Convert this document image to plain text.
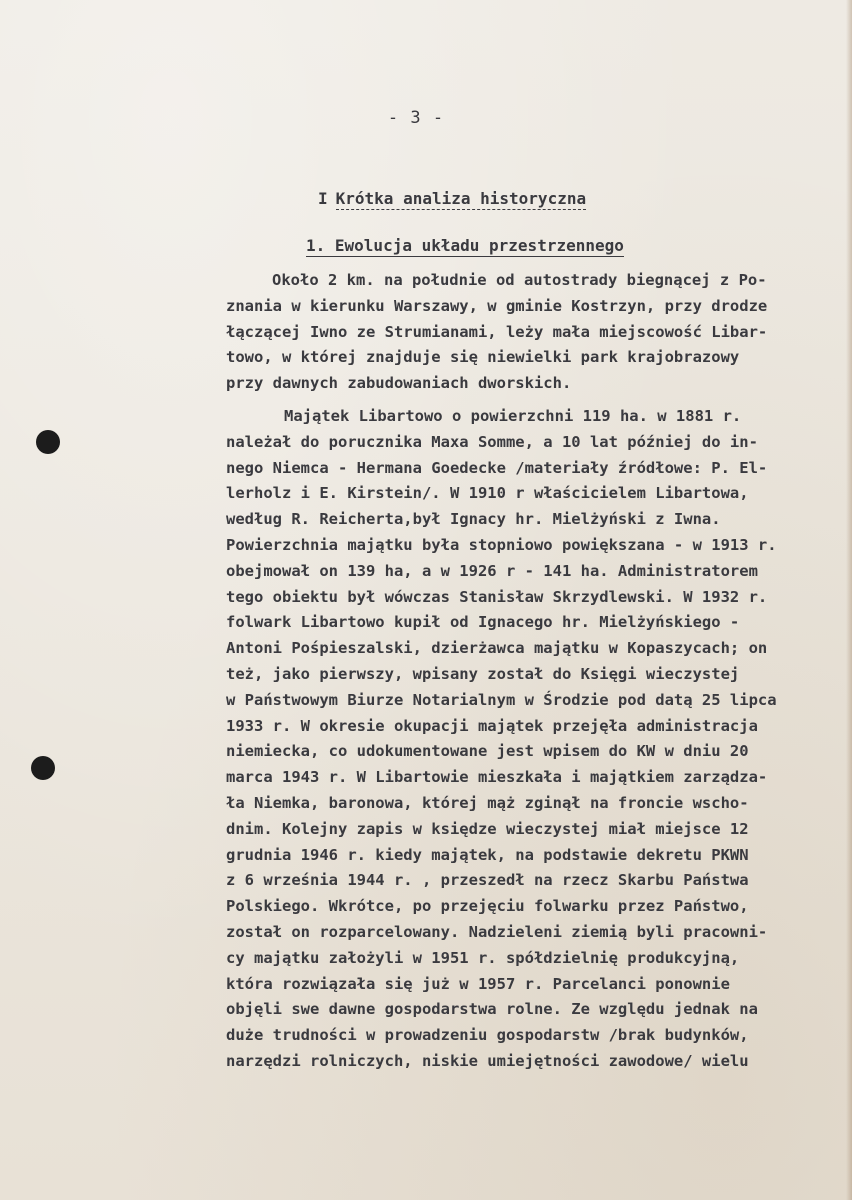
- 3 -
I Krótka analiza historyczna
1. Ewolucja układu przestrzennego
Około 2 km. na południe od autostrady biegnącej z Po-
znania w kierunku Warszawy, w gminie Kostrzyn, przy drodze
łączącej Iwno ze Strumianami, leży mała miejscowość Libar-
towo, w której znajduje się niewielki park krajobrazowy
przy dawnych zabudowaniach dworskich.
Majątek Libartowo o powierzchni 119 ha. w 1881 r.
należał do porucznika Maxa Somme, a 10 lat później do in-
nego Niemca - Hermana Goedecke /materiały źródłowe: P. El-
lerholz i E. Kirstein/. W 1910 r właścicielem Libartowa,
według R. Reicherta,był Ignacy hr. Mielżyński z Iwna.
Powierzchnia majątku była stopniowo powiększana - w 1913 r.
obejmował on 139 ha, a w 1926 r - 141 ha. Administratorem
tego obiektu był wówczas Stanisław Skrzydlewski. W 1932 r.
folwark Libartowo kupił od Ignacego hr. Mielżyńskiego -
Antoni Pośpieszalski, dzierżawca majątku w Kopaszycach; on
też, jako pierwszy, wpisany został do Księgi wieczystej
w Państwowym Biurze Notarialnym w Środzie pod datą 25 lipca
1933 r. W okresie okupacji majątek przejęła administracja
niemiecka, co udokumentowane jest wpisem do KW w dniu 20
marca 1943 r. W Libartowie mieszkała i majątkiem zarządza-
ła Niemka, baronowa, której mąż zginął na froncie wscho-
dnim. Kolejny zapis w księdze wieczystej miał miejsce 12
grudnia 1946 r. kiedy majątek, na podstawie dekretu PKWN
z 6 września 1944 r. , przeszedł na rzecz Skarbu Państwa
Polskiego. Wkrótce, po przejęciu folwarku przez Państwo,
został on rozparcelowany. Nadzieleni ziemią byli pracowni-
cy majątku założyli w 1951 r. spółdzielnię produkcyjną,
która rozwiązała się już w 1957 r. Parcelanci ponownie
objęli swe dawne gospodarstwa rolne. Ze względu jednak na
duże trudności w prowadzeniu gospodarstw /brak budynków,
narzędzi rolniczych, niskie umiejętności zawodowe/ wielu
